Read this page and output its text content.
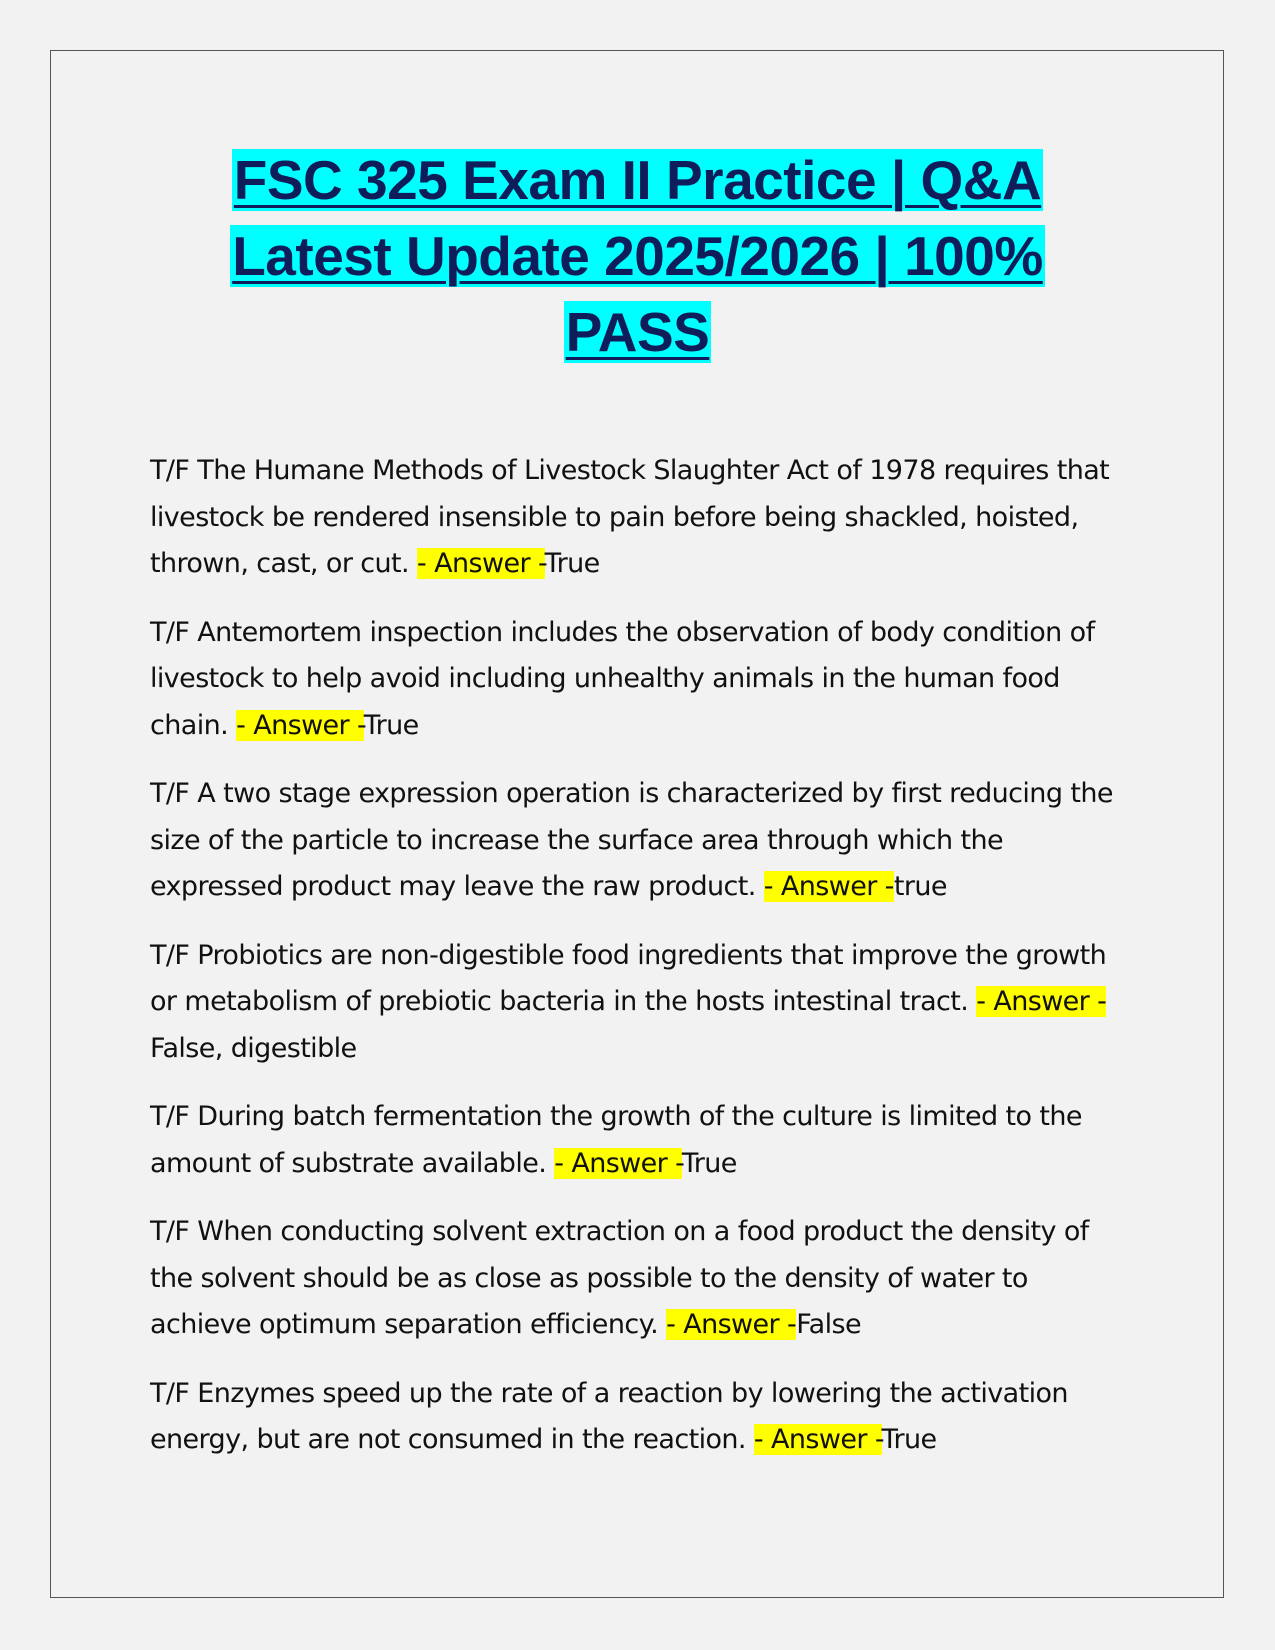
FSC 325 Exam II Practice | Q&A
Latest Update 2025/2026 | 100%
PASS

T/F The Humane Methods of Livestock Slaughter Act of 1978 requires that livestock be rendered insensible to pain before being shackled, hoisted, thrown, cast, or cut. - Answer -True

T/F Antemortem inspection includes the observation of body condition of livestock to help avoid including unhealthy animals in the human food chain. - Answer -True

T/F A two stage expression operation is characterized by first reducing the size of the particle to increase the surface area through which the expressed product may leave the raw product. - Answer -true

T/F Probiotics are non-digestible food ingredients that improve the growth or metabolism of prebiotic bacteria in the hosts intestinal tract. - Answer -False, digestible

T/F During batch fermentation the growth of the culture is limited to the amount of substrate available. - Answer -True

T/F When conducting solvent extraction on a food product the density of the solvent should be as close as possible to the density of water to achieve optimum separation efficiency. - Answer -False

T/F Enzymes speed up the rate of a reaction by lowering the activation energy, but are not consumed in the reaction. - Answer -True
